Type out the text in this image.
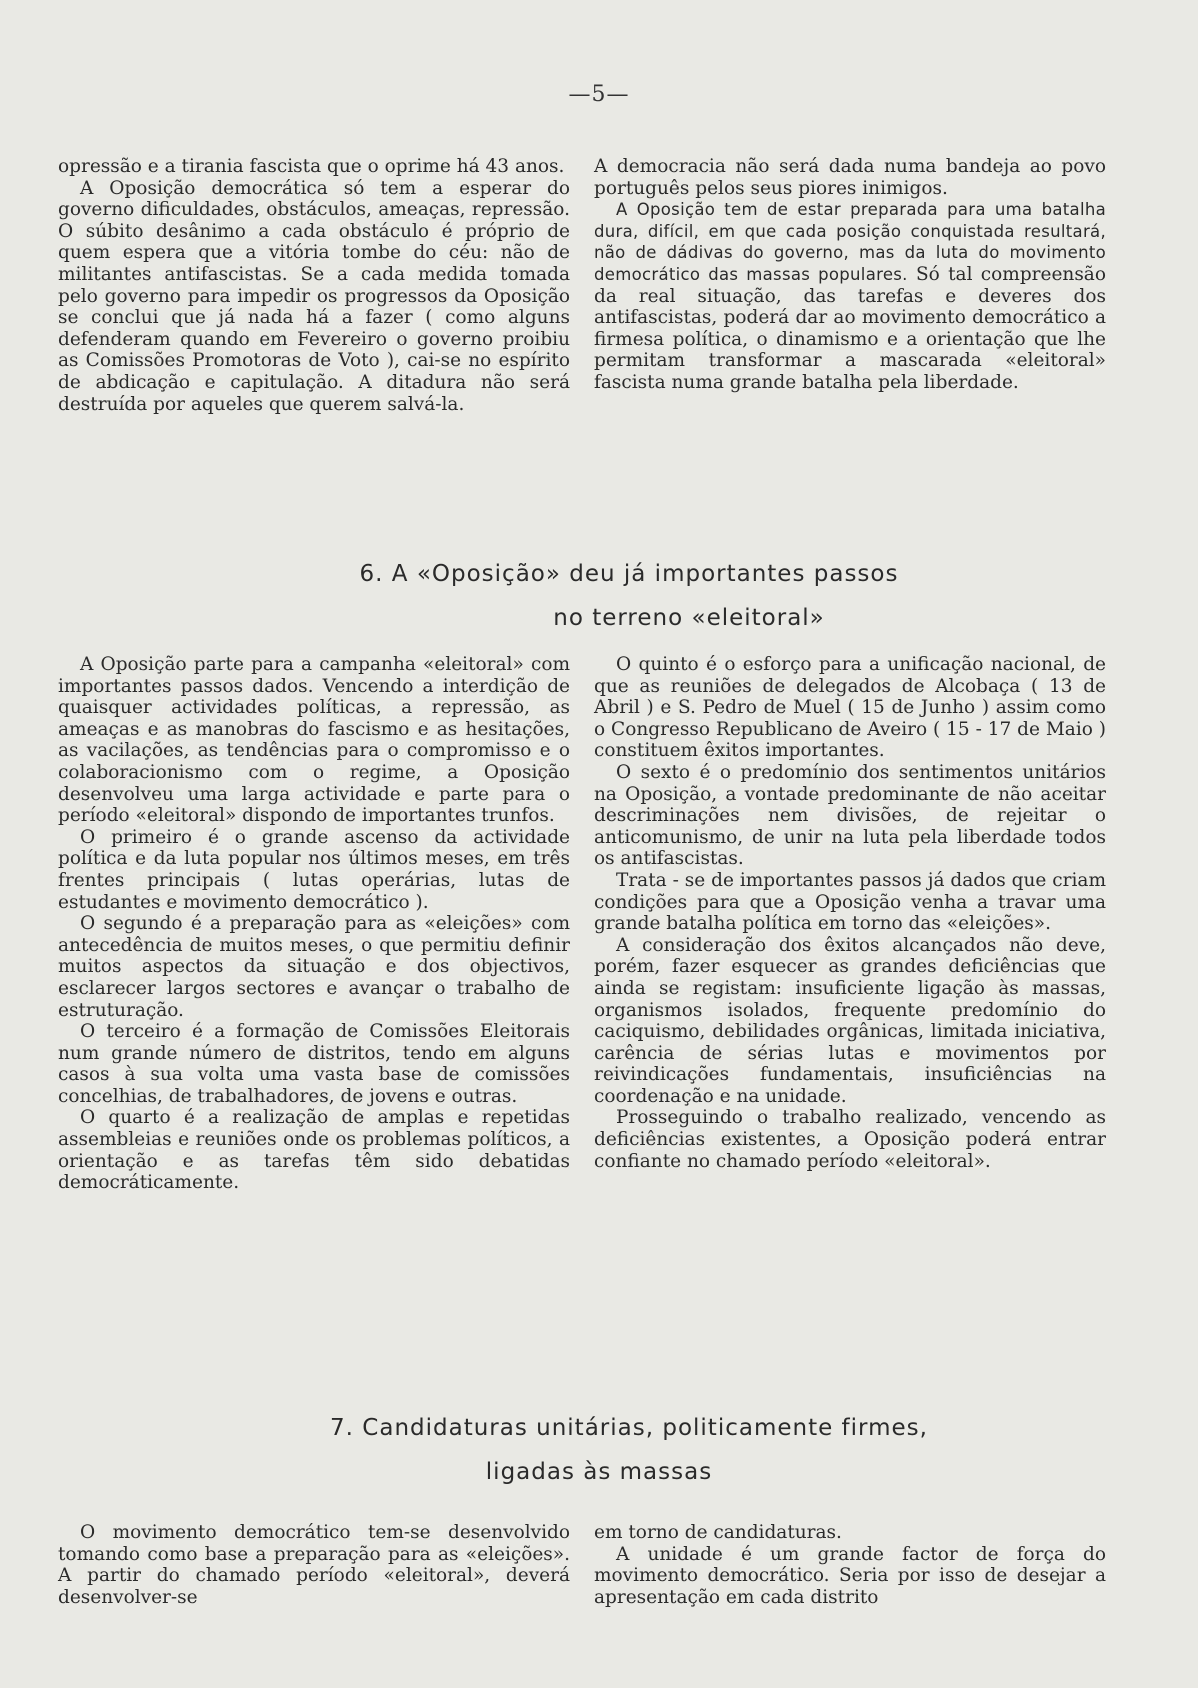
—5—

opressão e a tirania fascista que o oprime há 43 anos.

A Oposição democrática só tem a esperar do governo dificuldades, obstáculos, ameaças, repressão. O súbito desânimo a cada obstáculo é próprio de quem espera que a vitória tombe do céu: não de militantes antifascistas. Se a cada medida tomada pelo governo para impedir os progressos da Oposição se conclui que já nada há a fazer ( como alguns defenderam quando em Fevereiro o governo proibiu as Comissões Promotoras de Voto ), cai-se no espírito de abdicação e capitulação. A ditadura não será destruída por aqueles que querem salvá-la.

A democracia não será dada numa bandeja ao povo português pelos seus piores inimigos.

A Oposição tem de estar preparada para uma batalha dura, difícil, em que cada posição conquistada resultará, não de dádivas do governo, mas da luta do movimento democrático das massas populares. Só tal compreensão da real situação, das tarefas e deveres dos antifascistas, poderá dar ao movimento democrático a firmesa política, o dinamismo e a orientação que lhe permitam transformar a mascarada «eleitoral» fascista numa grande batalha pela liberdade.

6. A «Oposição» deu já importantes passos
no terreno «eleitoral»

A Oposição parte para a campanha «eleitoral» com importantes passos dados. Vencendo a interdição de quaisquer actividades políticas, a repressão, as ameaças e as manobras do fascismo e as hesitações, as vacilações, as tendências para o compromisso e o colaboracionismo com o regime, a Oposição desenvolveu uma larga actividade e parte para o período «eleitoral» dispondo de importantes trunfos.

O primeiro é o grande ascenso da actividade política e da luta popular nos últimos meses, em três frentes principais ( lutas operárias, lutas de estudantes e movimento democrático ).

O segundo é a preparação para as «eleições» com antecedência de muitos meses, o que permitiu definir muitos aspectos da situação e dos objectivos, esclarecer largos sectores e avançar o trabalho de estruturação.

O terceiro é a formação de Comissões Eleitorais num grande número de distritos, tendo em alguns casos à sua volta uma vasta base de comissões concelhias, de trabalhadores, de jovens e outras.

O quarto é a realização de amplas e repetidas assembleias e reuniões onde os problemas políticos, a orientação e as tarefas têm sido debatidas democráticamente.

O quinto é o esforço para a unificação nacional, de que as reuniões de delegados de Alcobaça ( 13 de Abril ) e S. Pedro de Muel ( 15 de Junho ) assim como o Congresso Republicano de Aveiro ( 15 - 17 de Maio ) constituem êxitos importantes.

O sexto é o predomínio dos sentimentos unitários na Oposição, a vontade predominante de não aceitar descriminações nem divisões, de rejeitar o anticomunismo, de unir na luta pela liberdade todos os antifascistas.

Trata - se de importantes passos já dados que criam condições para que a Oposição venha a travar uma grande batalha política em torno das «eleições».

A consideração dos êxitos alcançados não deve, porém, fazer esquecer as grandes deficiências que ainda se registam: insuficiente ligação às massas, organismos isolados, frequente predomínio do caciquismo, debilidades orgânicas, limitada iniciativa, carência de sérias lutas e movimentos por reivindicações fundamentais, insuficiências na coordenação e na unidade.

Prosseguindo o trabalho realizado, vencendo as deficiências existentes, a Oposição poderá entrar confiante no chamado período «eleitoral».

7. Candidaturas unitárias, politicamente firmes,
ligadas às massas

O movimento democrático tem-se desenvolvido tomando como base a preparação para as «eleições». A partir do chamado período «eleitoral», deverá desenvolver-se

em torno de candidaturas.

A unidade é um grande factor de força do movimento democrático. Seria por isso de desejar a apresentação em cada distrito
